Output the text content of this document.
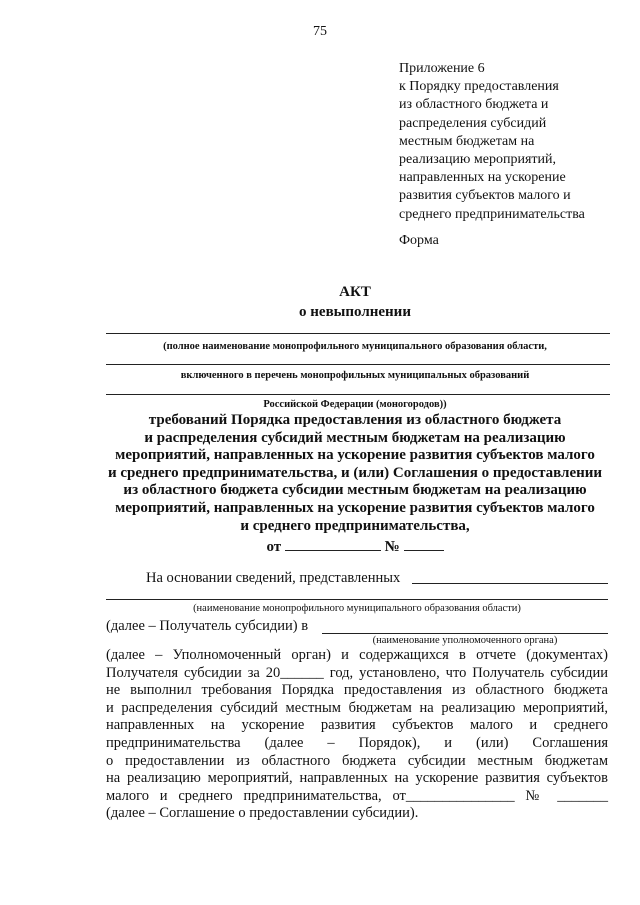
75
Приложение 6
к Порядку предоставления
из областного бюджета и
распределения субсидий
местным бюджетам на
реализацию мероприятий,
направленных на ускорение
развития субъектов малого и
среднего предпринимательства
Форма
АКТ
о невыполнении
(полное наименование монопрофильного муниципального образования области,
включенного в перечень монопрофильных муниципальных образований
Российской Федерации (моногородов))
требований Порядка предоставления из областного бюджета
и распределения субсидий местным бюджетам на реализацию
мероприятий, направленных на ускорение развития субъектов малого
и среднего предпринимательства, и (или) Соглашения о предоставлении
из областного бюджета субсидии местным бюджетам на реализацию
мероприятий, направленных на ускорение развития субъектов малого
и среднего предпринимательства,
от	№
На основании сведений, представленных
(наименование монопрофильного муниципального образования области)
(далее – Получатель субсидии) в
(наименование уполномоченного органа)
(далее – Уполномоченный орган) и содержащихся в отчете (документах)
Получателя субсидии за 20______ год, установлено, что Получатель субсидии
не выполнил требования Порядка предоставления из областного бюджета
и распределения субсидий местным бюджетам на реализацию мероприятий,
направленных на ускорение развития субъектов малого и среднего
предпринимательства (далее – Порядок), и (или) Соглашения
о предоставлении из областного бюджета субсидии местным бюджетам
на реализацию мероприятий, направленных на ускорение развития субъектов
малого и среднего предпринимательства, от_______________ № _______
(далее – Соглашение о предоставлении субсидии).
